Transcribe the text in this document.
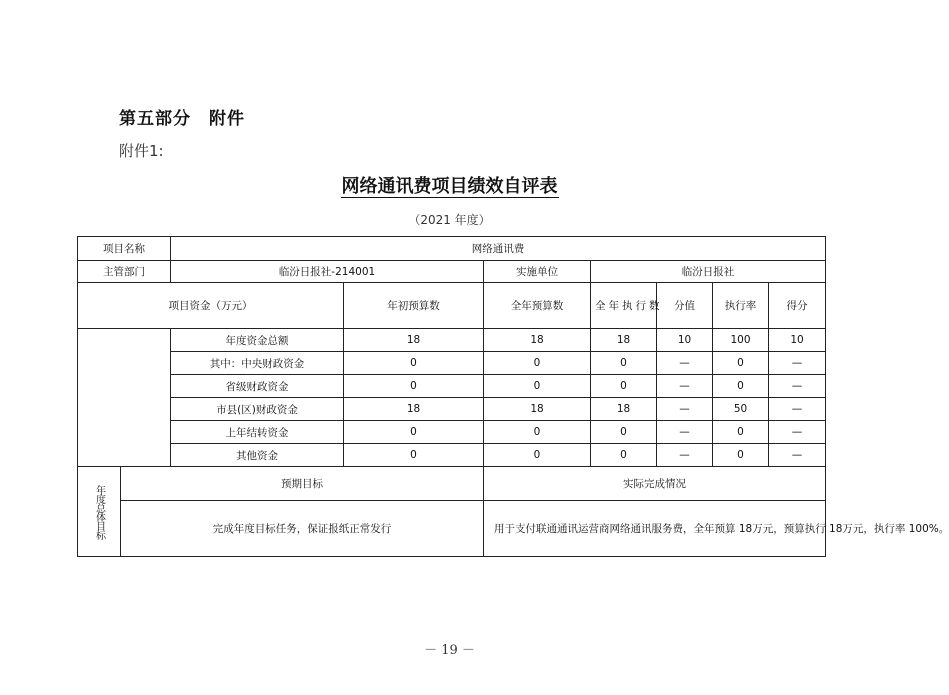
第五部分　附件
附件1:
网络通讯费项目绩效自评表
（2021 年度）
项目名称		网络通讯费						
主管部门		临汾日报社-214001		实施单位	临汾日报社			
项目资金（万元）			年初预算数	全年预算数	全年执行数	分值	执行率	得分
		年度资金总额	18	18	18	10	100	10
		其中：中央财政资金	0	0	0	—	0	—
		省级财政资金	0	0	0	—	0	—
		市县(区)财政资金	18	18	18	—	50	—
		上年结转资金	0	0	0	—	0	—
		其他资金	0	0	0	—	0	—
年度总体目标	预期目标			实际完成情况				
	完成年度目标任务，保证报纸正常发行			用于支付联通通讯运营商网络通讯服务费，全年预算 18万元，预算执行 18万元，执行率 100%。				
－ 19 －
